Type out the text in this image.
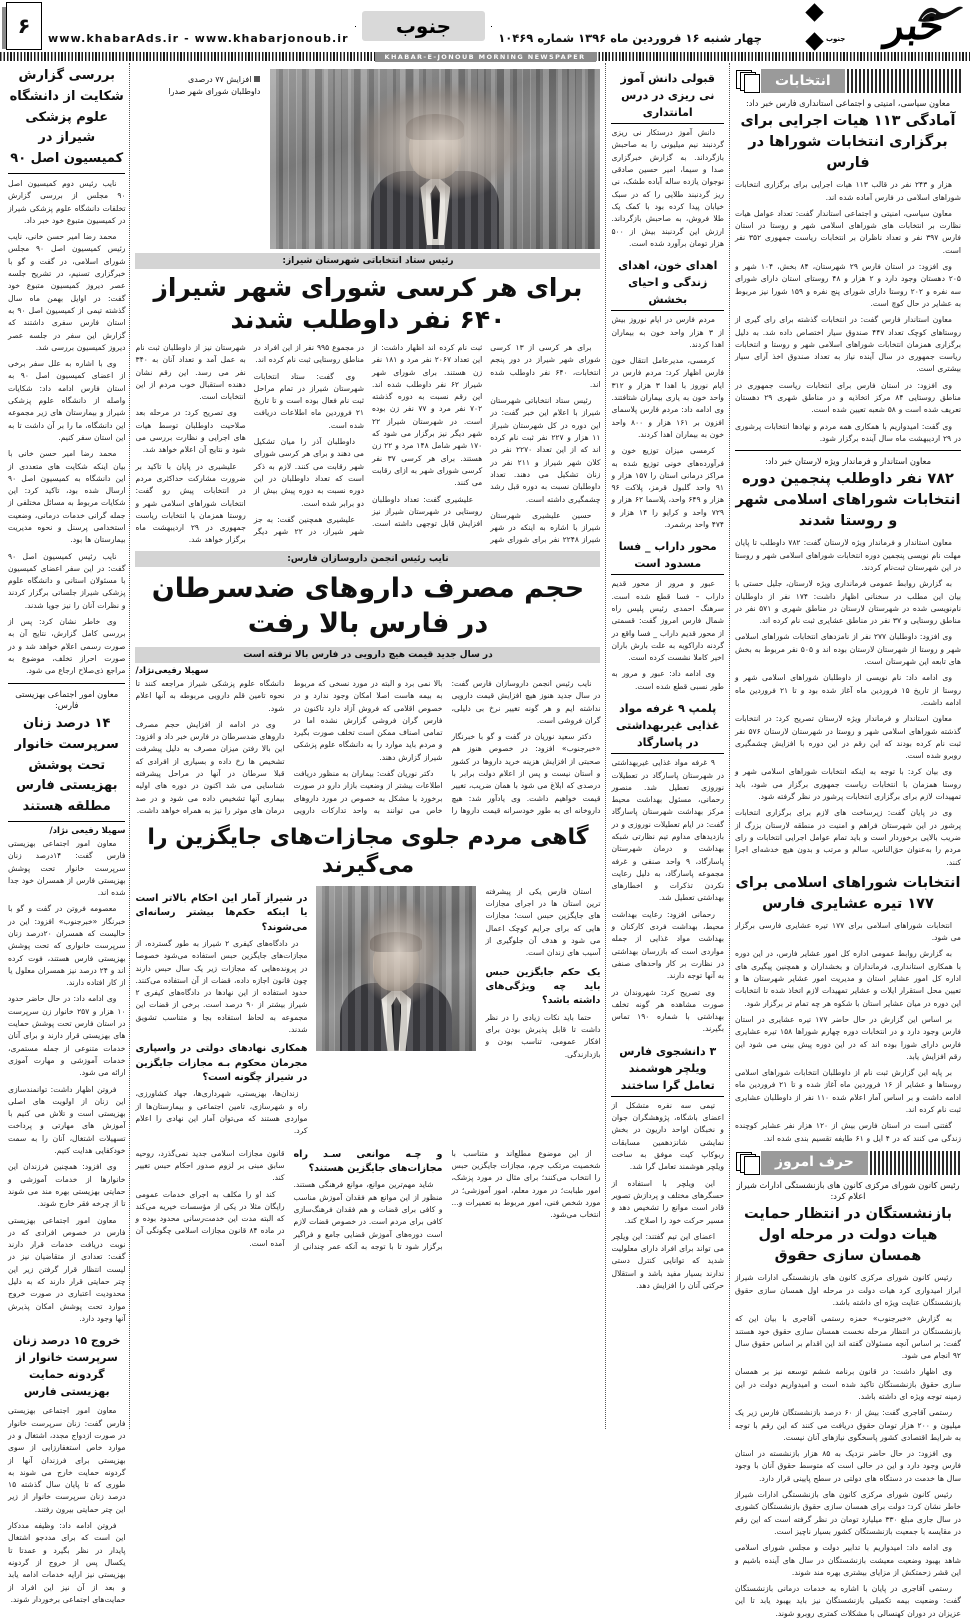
خبر
جنوب
چهار شنبه ۱۶ فروردین ماه ۱۳۹۶ شماره ۱۰۴۶۹
جنوب
www.khabarAds.ir - www.khabarjonoub.ir
۶
KHABAR-E-JONOUB MORNING NEWSPAPER
انتخابات
معاون سیاسی، امنیتی و اجتماعی استانداری فارس خبر داد:
آمادگی ۱۱۳ هیات اجرایی برای برگزاری انتخابات شوراها در فارس

هزار و ۲۴۳ نفر در قالب ۱۱۳ هیات اجرایی برای برگزاری انتخابات شوراهای اسلامی در فارس آماده شده اند.

معاون سیاسی، امنیتی و اجتماعی استاندار گفت: تعداد عوامل هیات نظارت بر انتخابات های شوراهای اسلامی شهر و روستا در استان فارس ۳۹۷ نفر و تعداد ناظران بر انتخابات ریاست جمهوری ۳۵۲ نفر است.

وی افزود: در استان فارس ۲۹ شهرستان، ۸۴ بخش، ۱۰۴ شهر و ۲۰۵ دهستان وجود دارد و ۲ هزار و ۴۸ روستای استان دارای شورای سه نفره و ۲۰۲ روستا دارای شورای پنج نفره و ۱۵۹ شورا نیز مربوط به عشایر در حال کوچ است.

معاون استاندار فارس گفت: در انتخابات گذشته برای رای گیری از روستاهای کوچک تعداد ۴۴۷ صندوق سیار اختصاص داده شد. به دلیل برگزاری همزمان انتخابات شوراهای اسلامی شهر و روستا و انتخابات ریاست جمهوری در سال آینده نیاز به تعداد صندوق اخذ آرای سیار بیشتری است.

وی افزود: در استان فارس برای انتخابات ریاست جمهوری در مناطق روستایی ۸۴ مرکز اتخاذیه و در مناطق شهری ۲۹ دهستان تعریف شده است و ۵۸ شعبه تعیین شده است.

وی گفت: امیدواریم با همکاری همه مردم و نهادها انتخابات پرشوری در ۲۹ اردیبهشت ماه سال آینده برگزار شود.

معاون استاندار و فرماندار ویژه لارستان خبر داد:
۷۸۲ نفر داوطلب پنجمین دوره انتخابات شوراهای اسلامی شهر و روستا شدند

معاون استاندار و فرماندار ویژه لارستان گفت: ۷۸۲ داوطلب تا پایان مهلت نام نویسی پنجمین دوره انتخابات شوراهای اسلامی شهر و روستا در این شهرستان ثبت‌نام کردند.

به گزارش روابط عمومی فرمانداری ویژه لارستان، جلیل حستی با بیان این مطلب در سخنانی اظهار داشت: ۱۷۴ نفر از داوطلبان نام‌نویسی شده در شهرستان لارستان در مناطق شهری و ۵۷۱ نفر در مناطق روستایی و ۳۷ نفر در مناطق عشایری ثبت نام کرده اند.

وی افزود: داوطلبان ۲۷۷ نفر از نامزدهای انتخابات شوراهای اسلامی شهر و روستا از شهرستان لارستان بوده اند و ۵۰۵ نفر مربوط به بخش های تابعه این شهرستان است.

وی ادامه داد: نام نویسی از داوطلبان شوراهای اسلامی شهر و روستا از تاریخ ۱۵ فروردین ماه آغاز شده بود و تا ۲۱ فروردین ماه ادامه داشت.

معاون استاندار و فرماندار ویژه لارستان تصریح کرد: در انتخابات گذشته شوراهای اسلامی شهر و روستا در شهرستان لارستان ۵۷۶ نفر ثبت نام کرده بودند که این رقم در این دوره با افزایش چشمگیری روبرو شده است.

وی بیان کرد: با توجه به اینکه انتخابات شوراهای اسلامی شهر و روستا همزمان با انتخابات ریاست جمهوری برگزار می شود، باید تمهیدات لازم برای برگزاری انتخابات پرشور در نظر گرفته شود.

وی در پایان گفت: زیرساخت های لازم برای برگزاری انتخابات پرشور در این شهرستان فراهم و امنیت در منطقه لارستان بزرگ از ضریب بالایی برخوردار است و باید تمام عوامل اجرایی انتخابات و رای مردم را به‌عنوان حق‌الناس، سالم و مرتب و بدون هیچ خدشه‌ای اجرا کنند.

انتخابات شوراهای اسلامی برای ۱۷۷ تیره عشایری فارس

انتخابات شوراهای اسلامی برای ۱۷۷ تیره عشایری فارسی برگزار می شود.

به گزارش روابط عمومی اداره کل امور عشایر فارس، در این دوره با همکاری استانداری، فرمانداران و بخشداران و همچنین پیگیری های اداره کل امور عشایر استان و مدیریت امور عشایر شهرستان ها و تعیین محل استقرار ایلات و عشایر تمهیدات لازم اتخاذ شده تا انتخابات این دوره در میان عشایر استان با شکوه هر چه تمام تر برگزار شود.

بر اساس این گزارش در حال حاضر ۱۷۷ تیره عشایری در استان فارس وجود دارد و در انتخابات دوره چهارم شوراها ۱۵۸ تیره عشایری فارس دارای شورا بوده اند که در این دوره پیش بینی می شود این رقم افزایش یابد.

بر پایه این گزارش ثبت نام از داوطلبان انتخابات شوراهای اسلامی روستاها و عشایر از ۱۶ فروردین ماه آغاز شده و تا ۲۱ فروردین ماه ادامه داشت و بر اساس آمار اعلام شده ۱۱۰ نفر از داوطلبان عشایری ثبت نام کرده اند.

گفتنی است در استان فارس بیش از ۱۲۰ هزار نفر عشایر کوچنده زندگی می کنند که در ۴ ایل و ۶۱ طایفه تقسیم بندی شده اند.

حرف امروز
رئیس کانون شورای مرکزی کانون های بازنشستگی ادارات شیراز اعلام کرد:
بازنشستگان در انتظار حمایت هیات دولت در مرحله اول همسان سازی حقوق

رئیس کانون شورای مرکزی کانون های بازنشستگی ادارات شیراز ابراز امیدواری کرد هیات دولت در مرحله اول همسان سازی حقوق بازنشستگان عنایت ویژه ای داشته باشد.

به گزارش «خبرجنوب» حمزه رستمی آقاجری با بیان این که بازنشستگان در انتظار مرحله نخست همسان سازی حقوق خود هستند گفت: بر اساس آنچه مسئولان گفته اند این اقدام بر اساس حقوق سال ۹۲ انجام می شود.

وی اظهار داشت: در قانون برنامه ششم توسعه نیز بر همسان سازی حقوق بازنشستگان تاکید شده است و امیدواریم دولت در این زمینه توجه ویژه ای داشته باشد.

رستمی آقاجری گفت: بیش از ۶۰ درصد بازنشستگان فارس زیر یک میلیون و ۲۰۰ هزار تومان حقوق دریافت می کنند که این رقم با توجه به شرایط اقتصادی کشور پاسخگوی نیازهای آنان نیست.

وی افزود: در حال حاضر نزدیک به ۸۵ هزار بازنشسته در استان فارس وجود دارد و این در حالی است که متوسط حقوق آنان با وجود سال ها خدمت در دستگاه های دولتی در سطح پایینی قرار دارد.

رئیس کانون شورای مرکزی کانون های بازنشستگی ادارات شیراز خاطر نشان کرد: دولت برای همسان سازی حقوق بازنشستگان کشوری در سال جاری مبلغ ۳۳۰ میلیارد تومان در نظر گرفته است که این رقم در مقایسه با جمعیت بازنشستگان کشور بسیار ناچیز است.

وی ادامه داد: امیدواریم با تدابیر دولت و مجلس شورای اسلامی شاهد بهبود وضعیت معیشت بازنشستگان در سال های آینده باشیم و این قشر زحمتکش از مزایای بیشتری بهره مند شوند.

رستمی آقاجری در پایان با اشاره به خدمات درمانی بازنشستگان گفت: وضعیت بیمه تکمیلی بازنشستگان نیز باید بهبود یابد تا این عزیزان در دوران کهنسالی با مشکلات کمتری روبرو شوند.

قبولی دانش آموز نی ریزی در درس امانتداری

دانش آموز درستکار نی ریزی گردنبند نیم میلیونی را به صاحبش بازگرداند. به گزارش خبرگزاری صدا و سیما، امیر حسین صادقی نوجوان یازده ساله آباده طشک، نی ریز گردنبند طلایی را که در سبک خیابان پیدا کرده بود با کمک یک طلا فروش، به صاحبش بازگرداند. ارزش این گردنبند بیش از ۵۰۰ هزار تومان برآورد شده است.

اهدای خون، اهدای زندگی و احیای بخشش

مردم فارس در ایام نوروز بیش از ۳ هزار واحد خون به بیماران اهدا کردند.

کرمسی، مدیرعامل انتقال خون فارس اظهار کرد: مردم فارس در ایام نوروز با اهدا ۳ هزار و ۳۱۲ واحد خون به یاری بیماران شتافتند. وی ادامه داد: مردم فارس پلاسمای افزون بر ۱۶۱ هزار و ۸۰۰ واحد خون به بیماران اهدا کردند.

کرمسی میزان توزیع خون و فرآورده‌های خونی توزیع شده به مراکز درمانی استان را ۱۵۷ هزار و ۹۱ واحد گلبول قرمز، پلاکت ۹۶ هزار و ۶۴۹ واحد، پلاسما ۶۲ هزار و ۷۲۹ واحد و کرایو را ۱۴ هزار و ۴۷۴ واحد برشمرد.

محور داراب _ فسا مسدود است

عبور و مرور از محور قدیم داراب – فسا قطع شده است. سرهنگ احمدی رئیس پلیس راه شمال فارس امروز گفت: قسمتی از محور قدیم داراب _ فسا واقع در گردنه داراکویه به علت بارش باران اخیر کاملا نشست کرده است.

وی ادامه داد: عبور و مرور به طور نسبی قطع شده است.

پلمپ ۹ غرفه مواد غذایی غیربهداشتی در پاسارگاد

۹ غرفه مواد غذایی غیربهداشتی در شهرستان پاسارگاد در تعطیلات نوروزی تعطیل شد. منصور رحمانی، مسئول بهداشت محیط مرکز بهداشت شهرستان پاسارگاد گفت: در ایام تعطیلات نوروزی و در بازدیدهای مداوم تیم نظارتی شبکه بهداشت و درمان شهرستان پاسارگاد، ۹ واحد صنفی و غرفه مجموعه پاسارگاد، به دلیل رعایت نکردن تذکرات و اخطارهای بهداشتی تعطیل شد.

رحمانی افزود: رعایت بهداشت محیط، بهداشت فردی کارکنان و بهداشت مواد غذایی از جمله مواردی است که بازرسان بهداشتی در نظارت بر کار واحدهای صنفی به آنها توجه دارند.

وی تصریح کرد: شهروندان در صورت مشاهده هر گونه تخلف بهداشتی با شماره ۱۹۰ تماس بگیرند.

۳ دانشجوی فارس ویلچر هوشمند تعامل گرا ساختند

تیمی سه نفره متشکل از اعضای باشگاه، پژوهشگران جوان و نخبگان اواحد داریون در بخش نمایشی شانزدهمین مسابقات ربوکاپ کیت موفق به ساخت ویلچر هوشمند تعامل گرا شد.

این ویلچر با استفاده از حسگرهای مختلف و پردازش تصویر قادر است موانع را تشخیص دهد و مسیر حرکت خود را اصلاح کند.

اعضای این تیم گفتند: این ویلچر می تواند برای افراد دارای معلولیت شدید که توانایی کنترل دستی ندارند بسیار مفید باشد و استقلال حرکتی آنان را افزایش دهد.

افزایش ۷۷ درصدی
داوطلبان شورای شهر صدرا
رئیس ستاد انتخاباتی شهرستان شیراز:
برای هر کرسی شورای شهر شیراز ۶۴۰ نفر داوطلب شدند

برای هر کرسی از ۱۳ کرسی شورای شهر شیراز در دور پنجم انتخابات، ۶۴۰ نفر داوطلب شده اند.

رئیس ستاد انتخاباتی شهرستان شیراز با اعلام این خبر گفت: در این دوره در کل شهرستان شیراز ۱۱ هزار و ۲۲۷ نفر ثبت نام کرده اند که از این تعداد ۲۲۷۰ نفر در کلان شهر شیراز و ۲۱۱ نفر در زنان تشکیل می دهند. تعداد داوطلبان نسبت به دوره قبل رشد چشمگیری داشته است.

حسین علیشیری شهرستان شیراز با اشاره به اینکه در شهر شیراز ۲۲۴۸ نفر برای شورای شهر ثبت نام کرده اند اظهار داشت: از این تعداد ۲۰۶۷ نفر مرد و ۱۸۱ نفر زن هستند. برای شورای شهر شیراز ۶۲ نفر داوطلب شده اند. این رقم نسبت به دوره گذشته ۷۰۲ نفر مرد و ۷۷ نفر زن بوده است. در شهرستان شیراز ۲۲ شهر دیگر نیز برگزار می شود که ۱۷۰ شهر شامل ۱۴۸ مرد و ۲۲ زن هستند. برای هر کرسی ۳۷ نفر کرسی شورای شهر به ازای رقابت می کنند.

علیشیری گفت: تعداد داوطلبان روستایی در شهرستان شیراز نیز افزایش قابل توجهی داشته است. در مجموع ۹۹۵ نفر از این افراد در مناطق روستایی ثبت نام کرده اند.

وی گفت: ستاد انتخابات شهرستان شیراز در تمام مراحل ثبت نام فعال بوده است و تا تاریخ ۲۱ فروردین ماه اطلاعات دریافت شده است.

داوطلبان آذر را میان تشکیل می دهند و برای هر کرسی شورای شهر رقابت می کنند. لازم به ذکر است که تعداد داوطلبان در این دوره نسبت به دوره پیش بیش از دو برابر شده است.

علیشیری همچنین گفت: به جز شهر شیراز، در ۲۲ شهر دیگر شهرستان نیز از داوطلبان ثبت نام به عمل آمد و تعداد آنان به ۳۴۰ نفر می رسد. این رقم نشان دهنده استقبال خوب مردم از این انتخابات است.

وی تصریح کرد: در مرحله بعد صلاحیت داوطلبان توسط هیات های اجرایی و نظارت بررسی می شود و نتایج آن اعلام خواهد شد.

علیشیری در پایان با تاکید بر ضرورت مشارکت حداکثری مردم در انتخابات پیش رو گفت: انتخابات شوراهای اسلامی شهر و روستا همزمان با انتخابات ریاست جمهوری در ۲۹ اردیبهشت ماه برگزار خواهد شد.

نایب رئیس انجمن داروسازان فارس:
حجم مصرف داروهای ضدسرطان در فارس بالا رفت
در سال جدید قیمت هیچ دارویی در فارس بالا نرفته است
سهیلا رفیعی‌نژاد/

نایب رئیس انجمن داروسازان فارس گفت: در سال جدید هنوز هیچ افزایش قیمت دارویی نداشته ایم و هر گونه تغییر نرخ بی دلیلی، گران فروشی است.

دکتر سعید نوریان در گفت و گو با خبرنگار «خبرجنوب» افزود: در خصوص هنوز هم صحبتی از افزایش هزینه خرید داروها در کشور و استان نیست و پس از اعلام دولت برابر با درصدی که ابلاغ می شود با همان ضریب، تغییر قیمت خواهیم داشت. وی یادآور شد: هیچ داروخانه ای به طور خودسرانه قیمت داروها را بالا نمی برد و البته در مورد نسخی که مربوط به بیمه هاست اصلا امکان وجود ندارد و در خصوص اقلامی که فروش آزاد دارد تاکنون در فارس گران فروشی گزارش نشده اما در تمامی اصناف ممکن است تخلف صورت بگیرد و مردم باید موارد را به دانشگاه علوم پزشکی شیراز گزارش دهند.

دکتر نوریان گفت: بیماران به منظور دریافت اطلاعات بیشتر از وضعیت بازار دارو در صورت برخورد با مشکل به خصوص در مورد داروهای خاص می توانند به واحد تدارکات دارویی دانشگاه علوم پزشکی شیراز مراجعه کنند تا نحوه تامین قلم دارویی مربوطه به آنها اعلام شود.

وی در ادامه از افزایش حجم مصرف داروهای ضدسرطان در فارس خبر داد و افزود: این بالا رفتن میزان مصرف به دلیل پیشرفت تشخیص ها رخ داده و بسیاری از افرادی که قبلا سرطان در آنها در مراحل پیشرفته شناسایی می شد اکنون در دوره های اولیه بیماری آنها تشخیص داده می شود و در صد درمان های موثر را نیز به همراه خواهد داشت.

گاهی مردم جلوی مجازات‌های جایگزین را می‌گیرند

استان فارس یکی از پیشرفته ترین استان ها در اجرای مجازات های جایگزین حبس است؛ مجازات هایی که برای جرایم کوچک اعمال می شود و هدف آن جلوگیری از آسیب های زندان است.

یک حکم جایگزین حبس باید چه ویژگی‌های داشته باشد؟

حتما باید نکات زیادی را در نظر داشت تا قابل پذیرش بودن برای افکار عمومی، تناسب بودن و بازدارندگی.

در شیراز آمار این احکام بالاتر است یا اینکه حکم‌ها بیشتر رسانه‌ای می‌شوند؟

در دادگاه‌های کیفری ۲ شیراز به طور گسترده، از مجازات‌های جایگزین حبس استفاده می‌شود خصوصا در پرونده‌هایی که مجازات زیر یک سال حبس دارند چون قانون اجازه داده، قضات از آن استفاده می‌کنند. حدود استفاده از این نهادها در دادگاه‌های کیفری ۲ شیراز بیشتر از ۹۰ درصد است. برخی از قضات این مجموعه به لحاظ استفاده بجا و متناسب تشویق شدند.

همکاری نهادهای دولتی در واسپاری مجرمان محکوم بـه مجازات جایگزین در شیراز چگونه است؟

زندان‌ها، بهزیستی، شهرداری‌ها، جهاد کشاورزی، راه و شهرسازی، تامین اجتماعی و بیمارستان‌ها از مواردی هستند که می‌توان آمار این نهادی را اعلام کرد.

از این موضوع مطلع‌اند و متناسب با شخصیت مرتکب جرم، مجازات جایگزین حبس را انتخاب می‌کنند؛ برای مثال در مورد پزشک، امور طبابت؛ در مورد معلم، امور آموزشی؛ در مورد شخص فنی، امور مربوط به تعمیرات و... انتخاب می‌شود.

و چـه موانعی سـد راه مجازات‌های جایگزین هستند؟

شاید مهم‌ترین موانع، موانع فرهنگی هستند. منظور از این موانع هم فقدان آموزش مناسب و کافی برای قضات و هم فقدان فرهنگ‌سازی کافی برای مردم است. در خصوص قضات لازم است دوره‌های آموزش قضایی جامع و فراگیر برگزار شود تا با توجه به آنکه عمر چندانی از قانون مجازات اسلامی جدید نمی‌گذرد، روحیه سابق مبنی بر لزوم صدور احکام حبس تغییر کند.

کند او را مکلف به اجرای خدمات عمومی رایگان مثلا در یکی از مؤسسات خیریه می‌کند که البته مدت این خدمت‌رسانی محدود بوده و در ماده ۸۴ قانون مجازات اسلامی چگونگی آن آمده است.

بررسی گزارش شکایت از دانشگاه علوم پزشکی شیراز در کمیسیون اصل ۹۰

نایب رئیس دوم کمیسیون اصل ۹۰ مجلس از بررسی گزارش تخلفات دانشگاه علوم پزشکی شیراز در کمیسیون متبوع خود خبر داد.

محمد رضا امیر حسن خانی، نایب رئیس کمیسیون اصل ۹۰ مجلس شورای اسلامی، در گفت و گو با خبرگزاری تسنیم، در تشریح جلسه عصر دیروز کمیسیون متبوع خود گفت: در اوایل بهمن ماه سال گذشته تیمی از کمیسیون اصل ۹۰ به استان فارس سفری داشتند که گزارش این سفر در جلسه عصر دیروز کمیسیون بررسی شد.

وی با اشاره به علل سفر برخی از اعضای کمیسیون اصل ۹۰ به استان فارس ادامه داد: شکایات واصله از دانشگاه علوم پزشکی شیراز و بیمارستان های زیر مجموعه این دانشگاه، ما را بر آن داشت تا به این استان سفر کنیم.

محمد رضا امیر حسن خانی با بیان اینکه شکایت های متعددی از این دانشگاه به کمیسیون اصل ۹۰ ارسال شده بود، تاکید کرد: این شکایات مربوط به مسائل مختلفی از جمله گرانی خدمات درمانی، وضعیت استخدامی پرسنل و نحوه مدیریت بیمارستان ها بود.

نایب رئیس کمیسیون اصل ۹۰ گفت: در این سفر اعضای کمیسیون با مسئولان استانی و دانشگاه علوم پزشکی شیراز جلساتی برگزار کردند و نظرات آنان را نیز جویا شدند.

وی خاطر نشان کرد: پس از بررسی کامل گزارش، نتایج آن به صورت رسمی اعلام خواهد شد و در صورت احراز تخلف، موضوع به مراجع ذی‌صلاح ارجاع می شود.

معاون امور اجتماعی بهزیستی فارس:
۱۴ درصد زنان سرپرست خانوار تحت پوشش بهزیستی فارس مطلقه هستند
سهیلا رفیعی نژاد/

معاون امور اجتماعی بهزیستی فارس گفت: ۱۴درصد زنان سرپرست خانوار تحت پوشش بهزیستی فارس از همسران خود جدا شده اند.

معصومه فروتن در گفت و گو با خبرنگار «خبرجنوب» افزود: این در حالیست که همسران ۲۰درصد زنان سرپرست خانواری که تحت پوشش بهزیستی فارس هستند، فوت کرده اند و ۲۴ درصد نیز همسران معلول یا از کار افتاده دارند.

وی ادامه داد: در حال حاضر حدود ۱۰ هزار و ۲۵۷ خانوار زن سرپرست در استان فارس تحت پوشش حمایت های بهزیستی قرار دارند و برای آنان خدمات متنوعی از جمله مستمری، خدمات آموزشی و مهارت آموزی ارائه می شود.

فروتن اظهار داشت: توانمندسازی این زنان از اولویت های اصلی بهزیستی است و تلاش می کنیم با آموزش های مهارتی و پرداخت تسهیلات اشتغال، آنان را به سمت خودکفایی هدایت کنیم.

وی افزود: همچنین فرزندان این خانوارها از خدمات آموزشی و حمایتی بهزیستی بهره مند می شوند تا از چرخه فقر خارج شوند.

معاون امور اجتماعی بهزیستی فارس در خصوص افرادی که در نوبت دریافت خدمات قرار دارند گفت: تعدادی از متقاضیان نیز در لیست انتظار قرار گرفتن زیر این چتر حمایتی قرار دارند که به دلیل محدودیت اعتباری در صورت خروج موارد تحت پوشش امکان پذیرش آنها وجود دارد.

خروج ۱۵ درصد زنان سرپرست خانوار از گردونه حمایت بهزیستی فارس

معاون امور اجتماعی بهزیستی فارس گفت: زنان سرپرست خانوار در صورت ازدواج مجدد، اشتغال و در موارد خاص استغفارزایی از سوی بهزیستی برای فرزندان آنها از گردونه حمایت خارج می شوند به طوری که تا پایان سال گذشته ۱۵ درصد زنان سرپرست خانوار از زیر این چتر حمایتی بیرون رفتند.

فروتن ادامه داد: وظیفه مددکار این است که برای مددجو اشتغال پایدار در نظر بگیرد و عمدتا تا یکسال پس از خروج از گردونه بهزیستی نیز ارایه خدمات ادامه یابد و بعد از آن نیز این افراد از حمایت‌های اجتماعی برخوردار شوند.
